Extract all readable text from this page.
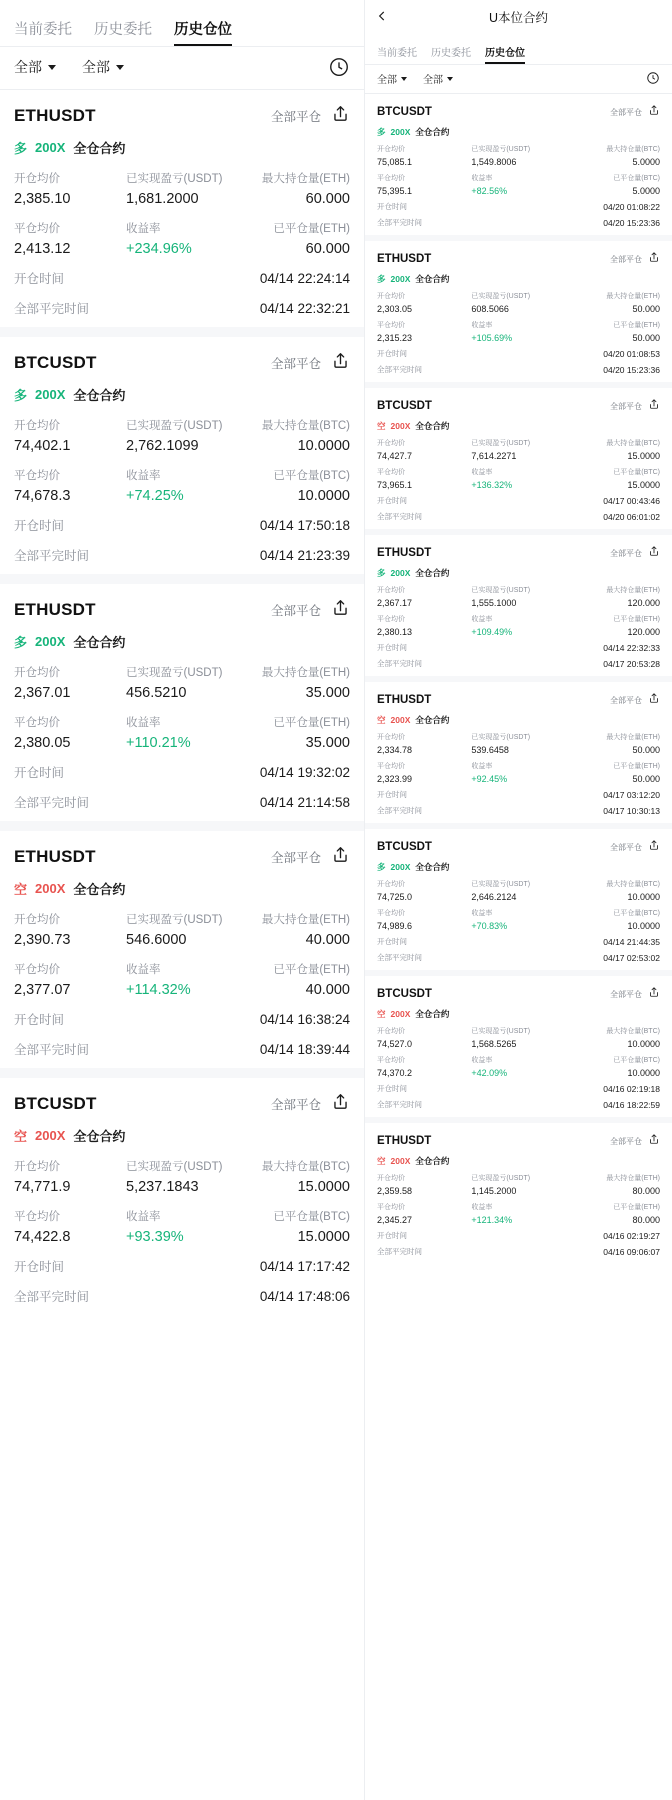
当前委托 历史委托 历史仓位
全部	全部
ETHUSDT	全部平仓
多 200X 全仓合约
开仓均价
2,385.10
已实现盈亏(USDT)
1,681.2000
最大持仓量(ETH)
60.000
平仓均价
2,413.12
收益率
+234.96%
已平仓量(ETH)
60.000
开仓时间	04/14 22:24:14
全部平完时间	04/14 22:32:21
BTCUSDT	全部平仓
多 200X 全仓合约
开仓均价
74,402.1
已实现盈亏(USDT)
2,762.1099
最大持仓量(BTC)
10.0000
平仓均价
74,678.3
收益率
+74.25%
已平仓量(BTC)
10.0000
开仓时间	04/14 17:50:18
全部平完时间	04/14 21:23:39
ETHUSDT	全部平仓
多 200X 全仓合约
开仓均价
2,367.01
已实现盈亏(USDT)
456.5210
最大持仓量(ETH)
35.000
平仓均价
2,380.05
收益率
+110.21%
已平仓量(ETH)
35.000
开仓时间	04/14 19:32:02
全部平完时间	04/14 21:14:58
ETHUSDT	全部平仓
空 200X 全仓合约
开仓均价
2,390.73
已实现盈亏(USDT)
546.6000
最大持仓量(ETH)
40.000
平仓均价
2,377.07
收益率
+114.32%
已平仓量(ETH)
40.000
开仓时间	04/14 16:38:24
全部平完时间	04/14 18:39:44
BTCUSDT	全部平仓
空 200X 全仓合约
开仓均价
74,771.9
已实现盈亏(USDT)
5,237.1843
最大持仓量(BTC)
15.0000
平仓均价
74,422.8
收益率
+93.39%
已平仓量(BTC)
15.0000
开仓时间	04/14 17:17:42
全部平完时间	04/14 17:48:06
U本位合约
当前委托 历史委托 历史仓位
全部	全部
BTCUSDT	全部平仓
多 200X 全仓合约
开仓均价
75,085.1
已实现盈亏(USDT)
1,549.8006
最大持仓量(BTC)
5.0000
平仓均价
75,395.1
收益率
+82.56%
已平仓量(BTC)
5.0000
开仓时间	04/20 01:08:22
全部平完时间	04/20 15:23:36
ETHUSDT	全部平仓
多 200X 全仓合约
开仓均价
2,303.05
已实现盈亏(USDT)
608.5066
最大持仓量(ETH)
50.000
平仓均价
2,315.23
收益率
+105.69%
已平仓量(ETH)
50.000
开仓时间	04/20 01:08:53
全部平完时间	04/20 15:23:36
BTCUSDT	全部平仓
空 200X 全仓合约
开仓均价
74,427.7
已实现盈亏(USDT)
7,614.2271
最大持仓量(BTC)
15.0000
平仓均价
73,965.1
收益率
+136.32%
已平仓量(BTC)
15.0000
开仓时间	04/17 00:43:46
全部平完时间	04/20 06:01:02
ETHUSDT	全部平仓
多 200X 全仓合约
开仓均价
2,367.17
已实现盈亏(USDT)
1,555.1000
最大持仓量(ETH)
120.000
平仓均价
2,380.13
收益率
+109.49%
已平仓量(ETH)
120.000
开仓时间	04/14 22:32:33
全部平完时间	04/17 20:53:28
ETHUSDT	全部平仓
空 200X 全仓合约
开仓均价
2,334.78
已实现盈亏(USDT)
539.6458
最大持仓量(ETH)
50.000
平仓均价
2,323.99
收益率
+92.45%
已平仓量(ETH)
50.000
开仓时间	04/17 03:12:20
全部平完时间	04/17 10:30:13
BTCUSDT	全部平仓
多 200X 全仓合约
开仓均价
74,725.0
已实现盈亏(USDT)
2,646.2124
最大持仓量(BTC)
10.0000
平仓均价
74,989.6
收益率
+70.83%
已平仓量(BTC)
10.0000
开仓时间	04/14 21:44:35
全部平完时间	04/17 02:53:02
BTCUSDT	全部平仓
空 200X 全仓合约
开仓均价
74,527.0
已实现盈亏(USDT)
1,568.5265
最大持仓量(BTC)
10.0000
平仓均价
74,370.2
收益率
+42.09%
已平仓量(BTC)
10.0000
开仓时间	04/16 02:19:18
全部平完时间	04/16 18:22:59
ETHUSDT	全部平仓
空 200X 全仓合约
开仓均价
2,359.58
已实现盈亏(USDT)
1,145.2000
最大持仓量(ETH)
80.000
平仓均价
2,345.27
收益率
+121.34%
已平仓量(ETH)
80.000
开仓时间	04/16 02:19:27
全部平完时间	04/16 09:06:07
